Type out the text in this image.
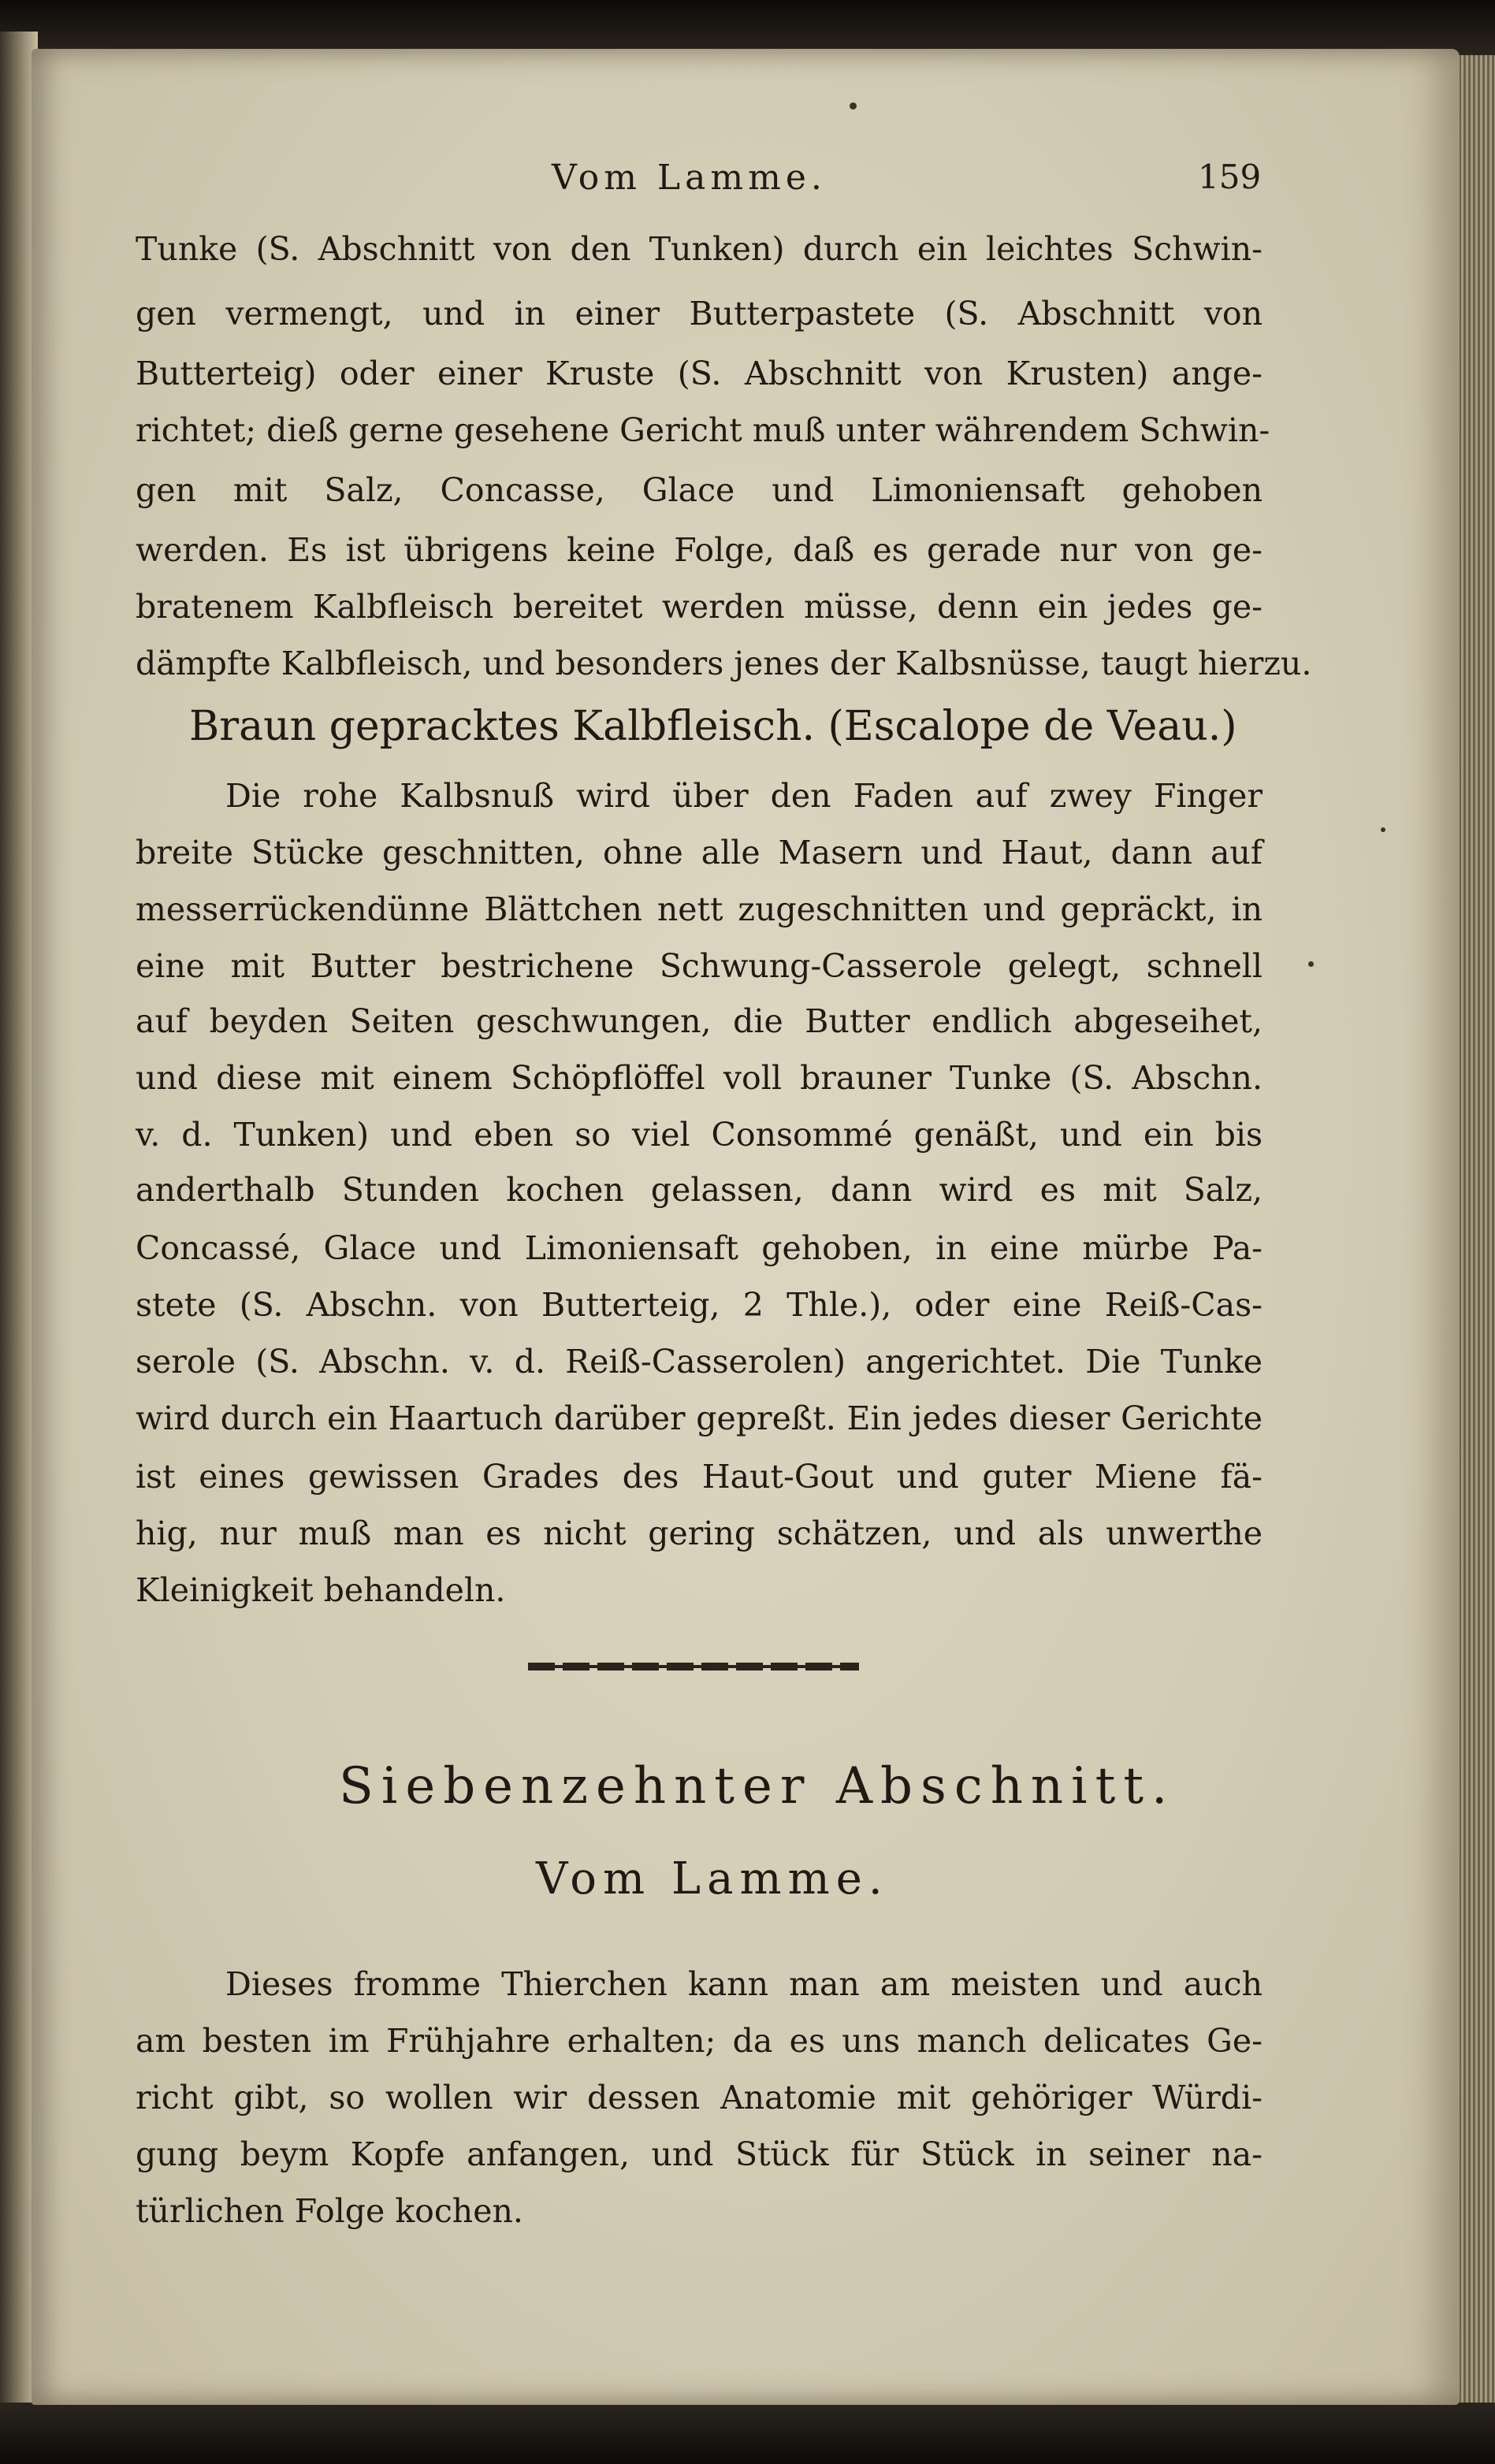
Vom Lamme.	159
Tunke (S. Abschnitt von den Tunken) durch ein leichtes Schwin-
gen vermengt, und in einer Butterpastete (S. Abschnitt von
Butterteig) oder einer Kruste (S. Abschnitt von Krusten) ange-
richtet; dieß gerne gesehene Gericht muß unter währendem Schwin-
gen mit Salz, Concasse, Glace und Limoniensaft gehoben
werden. Es ist übrigens keine Folge, daß es gerade nur von ge-
bratenem Kalbfleisch bereitet werden müsse, denn ein jedes ge-
dämpfte Kalbfleisch, und besonders jenes der Kalbsnüsse, taugt hierzu.
Braun gepracktes Kalbfleisch. (Escalope de Veau.)
Die rohe Kalbsnuß wird über den Faden auf zwey Finger
breite Stücke geschnitten, ohne alle Masern und Haut, dann auf
messerrückendünne Blättchen nett zugeschnitten und gepräckt, in
eine mit Butter bestrichene Schwung-Casserole gelegt, schnell
auf beyden Seiten geschwungen, die Butter endlich abgeseihet,
und diese mit einem Schöpflöffel voll brauner Tunke (S. Abschn.
v. d. Tunken) und eben so viel Consommé genäßt, und ein bis
anderthalb Stunden kochen gelassen, dann wird es mit Salz,
Concassé, Glace und Limoniensaft gehoben, in eine mürbe Pa-
stete (S. Abschn. von Butterteig, 2 Thle.), oder eine Reiß-Cas-
serole (S. Abschn. v. d. Reiß-Casserolen) angerichtet. Die Tunke
wird durch ein Haartuch darüber gepreßt. Ein jedes dieser Gerichte
ist eines gewissen Grades des Haut-Gout und guter Miene fä-
hig, nur muß man es nicht gering schätzen, und als unwerthe
Kleinigkeit behandeln.
Siebenzehnter Abschnitt.
Vom Lamme.
Dieses fromme Thierchen kann man am meisten und auch
am besten im Frühjahre erhalten; da es uns manch delicates Ge-
richt gibt, so wollen wir dessen Anatomie mit gehöriger Würdi-
gung beym Kopfe anfangen, und Stück für Stück in seiner na-
türlichen Folge kochen.
